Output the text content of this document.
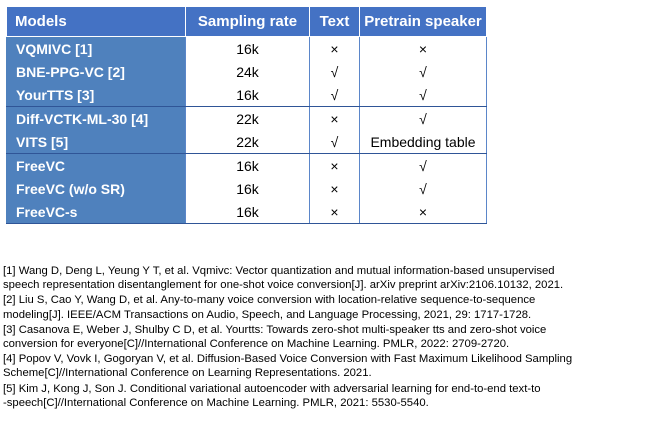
Models	Sampling rate	Text	Pretrain speaker
VQMIVC [1]	16k	×	×
BNE-PPG-VC [2]	24k	√	√
YourTTS [3]	16k	√	√
Diff-VCTK-ML-30 [4]	22k	×	√
VITS [5]	22k	√	Embedding table
FreeVC	16k	×	√
FreeVC (w/o SR)	16k	×	√
FreeVC-s	16k	×	×

[1] Wang D, Deng L, Yeung Y T, et al. Vqmivc: Vector quantization and mutual information-based unsupervised

speech representation disentanglement for one-shot voice conversion[J]. arXiv preprint arXiv:2106.10132, 2021.

[2] Liu S, Cao Y, Wang D, et al. Any-to-many voice conversion with location-relative sequence-to-sequence

modeling[J]. IEEE/ACM Transactions on Audio, Speech, and Language Processing, 2021, 29: 1717-1728.

[3] Casanova E, Weber J, Shulby C D, et al. Yourtts: Towards zero-shot multi-speaker tts and zero-shot voice

conversion for everyone[C]//International Conference on Machine Learning. PMLR, 2022: 2709-2720.

[4] Popov V, Vovk I, Gogoryan V, et al. Diffusion-Based Voice Conversion with Fast Maximum Likelihood Sampling

Scheme[C]//International Conference on Learning Representations. 2021.

[5] Kim J, Kong J, Son J. Conditional variational autoencoder with adversarial learning for end-to-end text-to

-speech[C]//International Conference on Machine Learning. PMLR, 2021: 5530-5540.
